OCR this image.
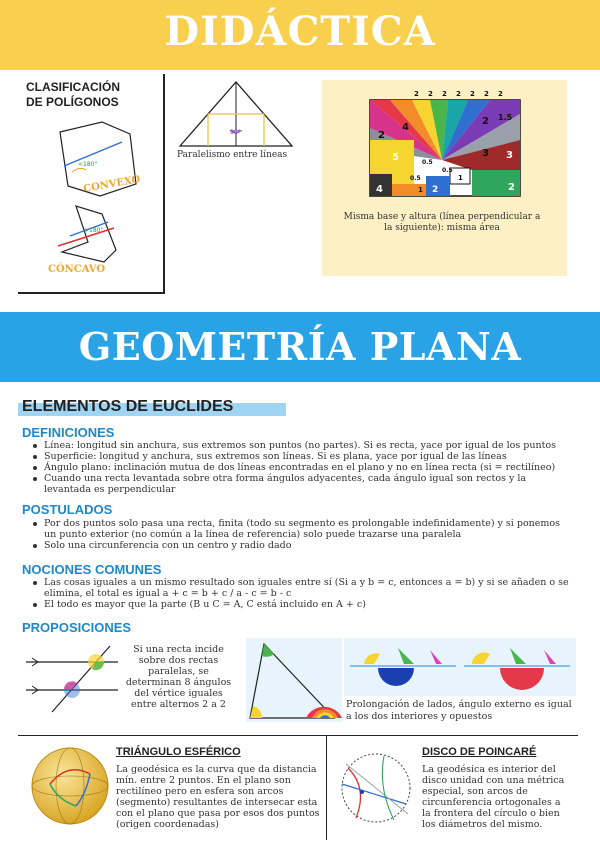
DIDÁCTICA
CLASIFICACIÓN
DE POLÍGONOS
<180°
CONVEXO
>180°
CÓNCAVO
90°
Paralelismo entre líneas
2 2 2 2 2 2 2
4
2 1.5
5	0.5
0.5
3
1
0.5
4	2
1	2
3
2
Misma base y altura (línea perpendicular a la siguiente): misma área
GEOMETRÍA PLANA
ELEMENTOS DE EUCLIDES
DEFINICIONES
Línea: longitud sin anchura, sus extremos son puntos (no partes). Si es recta, yace por igual de los puntos
Superficie: longitud y anchura, sus extremos son líneas. Si es plana, yace por igual de las líneas
Ángulo plano: inclinación mutua de dos líneas encontradas en el plano y no en línea recta (si = rectilíneo)
Cuando una recta levantada sobre otra forma ángulos adyacentes, cada ángulo igual son rectos y la levantada es perpendicular
POSTULADOS
Por dos puntos solo pasa una recta, finita (todo su segmento es prolongable indefinidamente) y si ponemos un punto exterior (no común a la línea de referencia) solo puede trazarse una paralela
Solo una circunferencia con un centro y radio dado
NOCIONES COMUNES
Las cosas iguales a un mismo resultado son iguales entre sí (Si a y b = c, entonces a = b) y si se añaden o se elimina, el total es igual a + c = b + c / a - c = b - c
El todo es mayor que la parte (B u C = A, C está incluido en A + c)
PROPOSICIONES
Si una recta incide sobre dos rectas paralelas, se determinan 8 ángulos del vértice iguales entre alternos 2 a 2	Prolongación de lados, ángulo externo es igual a los dos interiores y opuestos
TRIÁNGULO ESFÉRICO
La geodésica es la curva que da distancia mín. entre 2 puntos. En el plano son rectilíneo pero en esfera son arcos (segmento) resultantes de intersecar esta con el plano que pasa por esos dos puntos (origen coordenadas)
DISCO DE POINCARÉ
La geodésica es interior del disco unidad con una métrica especial, son arcos de circunferencia ortogonales a la frontera del círculo o bien los diámetros del mismo.
